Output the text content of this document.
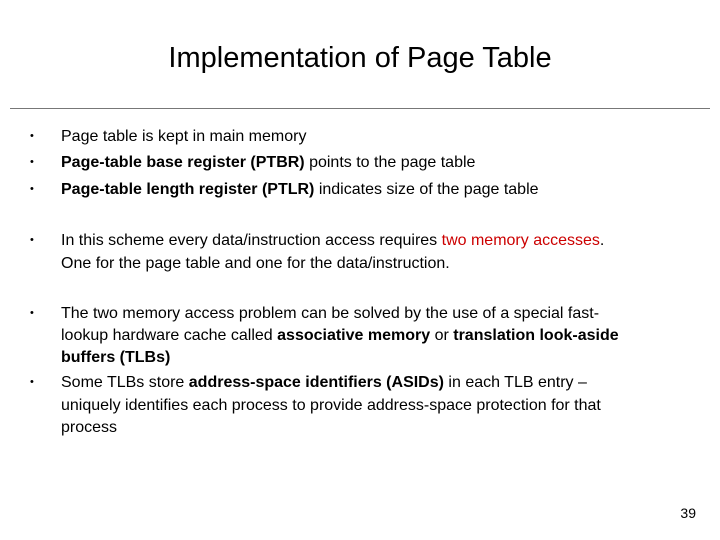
Implementation of Page Table
• Page table is kept in main memory
• Page-table base register (PTBR) points to the page table
• Page-table length register (PTLR) indicates size of the page table
• In this scheme every data/instruction access requires two memory accesses.
One for the page table and one for the data/instruction.
• The two memory access problem can be solved by the use of a special fast-
lookup hardware cache called associative memory or translation look-aside
buffers (TLBs)
• Some TLBs store address-space identifiers (ASIDs) in each TLB entry –
uniquely identifies each process to provide address-space protection for that
process
39
